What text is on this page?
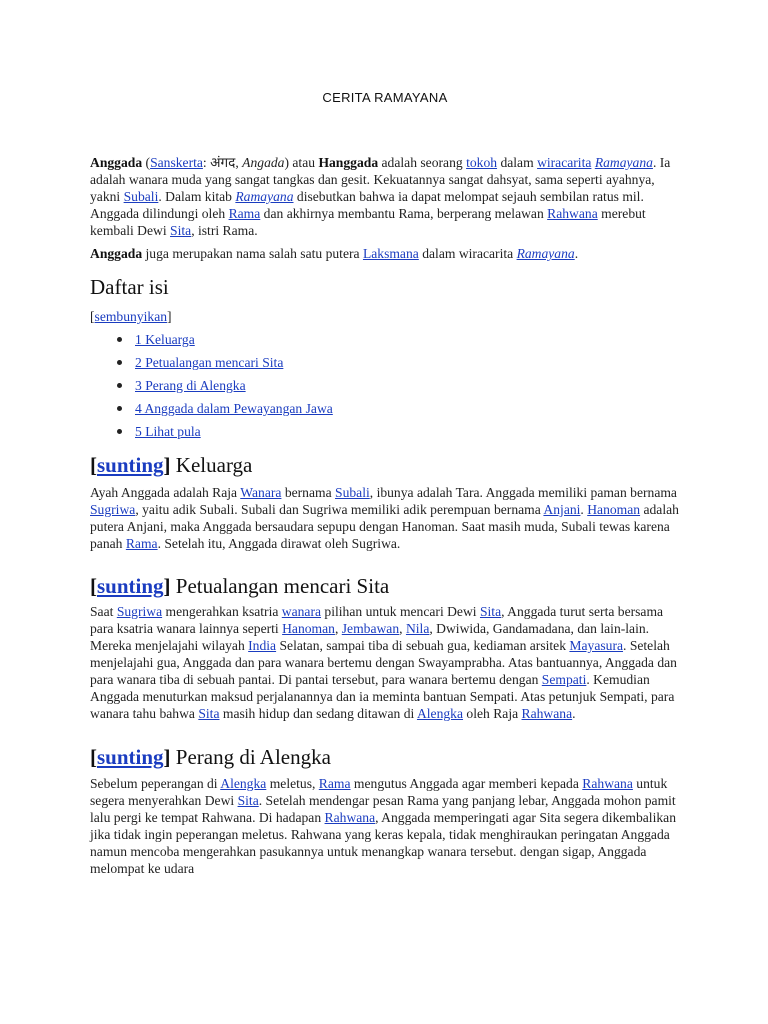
CERITA RAMAYANA

Anggada (Sanskerta: अंगद, Angada) atau Hanggada adalah seorang tokoh dalam wiracarita Ramayana. Ia adalah wanara muda yang sangat tangkas dan gesit. Kekuatannya sangat dahsyat, sama seperti ayahnya, yakni Subali. Dalam kitab Ramayana disebutkan bahwa ia dapat melompat sejauh sembilan ratus mil. Anggada dilindungi oleh Rama dan akhirnya membantu Rama, berperang melawan Rahwana merebut kembali Dewi Sita, istri Rama.

Anggada juga merupakan nama salah satu putera Laksmana dalam wiracarita Ramayana.

Daftar isi
[sembunyikan]
1 Keluarga
2 Petualangan mencari Sita
3 Perang di Alengka
4 Anggada dalam Pewayangan Jawa
5 Lihat pula
[sunting] Keluarga

Ayah Anggada adalah Raja Wanara bernama Subali, ibunya adalah Tara. Anggada memiliki paman bernama Sugriwa, yaitu adik Subali. Subali dan Sugriwa memiliki adik perempuan bernama Anjani. Hanoman adalah putera Anjani, maka Anggada bersaudara sepupu dengan Hanoman. Saat masih muda, Subali tewas karena panah Rama. Setelah itu, Anggada dirawat oleh Sugriwa.

[sunting] Petualangan mencari Sita

Saat Sugriwa mengerahkan ksatria wanara pilihan untuk mencari Dewi Sita, Anggada turut serta bersama para ksatria wanara lainnya seperti Hanoman, Jembawan, Nila, Dwiwida, Gandamadana, dan lain-lain. Mereka menjelajahi wilayah India Selatan, sampai tiba di sebuah gua, kediaman arsitek Mayasura. Setelah menjelajahi gua, Anggada dan para wanara bertemu dengan Swayamprabha. Atas bantuannya, Anggada dan para wanara tiba di sebuah pantai. Di pantai tersebut, para wanara bertemu dengan Sempati. Kemudian Anggada menuturkan maksud perjalanannya dan ia meminta bantuan Sempati. Atas petunjuk Sempati, para wanara tahu bahwa Sita masih hidup dan sedang ditawan di Alengka oleh Raja Rahwana.

[sunting] Perang di Alengka

Sebelum peperangan di Alengka meletus, Rama mengutus Anggada agar memberi kepada Rahwana untuk segera menyerahkan Dewi Sita. Setelah mendengar pesan Rama yang panjang lebar, Anggada mohon pamit lalu pergi ke tempat Rahwana. Di hadapan Rahwana, Anggada memperingati agar Sita segera dikembalikan jika tidak ingin peperangan meletus. Rahwana yang keras kepala, tidak menghiraukan peringatan Anggada namun mencoba mengerahkan pasukannya untuk menangkap wanara tersebut. dengan sigap, Anggada melompat ke udara
